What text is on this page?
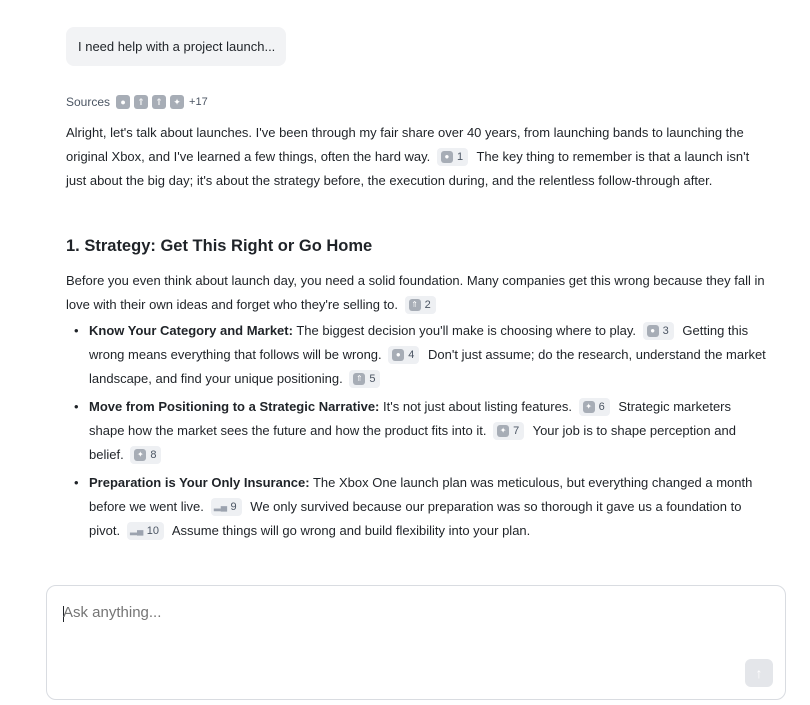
I need help with a project launch...
Sources	●	⇑	⇑	✦ +17

Alright, let's talk about launches. I've been through my fair share over 40 years, from launching bands to launching the original Xbox, and I've learned a few things, often the hard way.	● 1 The key thing to remember is that a launch isn't just about the big day; it's about the strategy before, the execution during, and the relentless follow-through after.

1. Strategy: Get This Right or Go Home

Before you even think about launch day, you need a solid foundation. Many companies get this wrong because they fall in love with their own ideas and forget who they're selling to.	⇑ 2

• Know Your Category and Market: The biggest decision you'll make is choosing where to play.	● 3 Getting this wrong means everything that follows will be wrong.	● 4 Don't just assume; do the research, understand the market landscape, and find your unique positioning.	⇑ 5
• Move from Positioning to a Strategic Narrative: It's not just about listing features.	✦ 6 Strategic marketers shape how the market sees the future and how the product fits into it.	✦ 7 Your job is to shape perception and belief.	✦ 8
• Preparation is Your Only Insurance: The Xbox One launch plan was meticulous, but everything changed a month before we went live. ▂▄ 9 We only survived because our preparation was so thorough it gave us a foundation to pivot. ▂▄ 10 Assume things will go wrong and build flexibility into your plan.
Ask anything...
↑
